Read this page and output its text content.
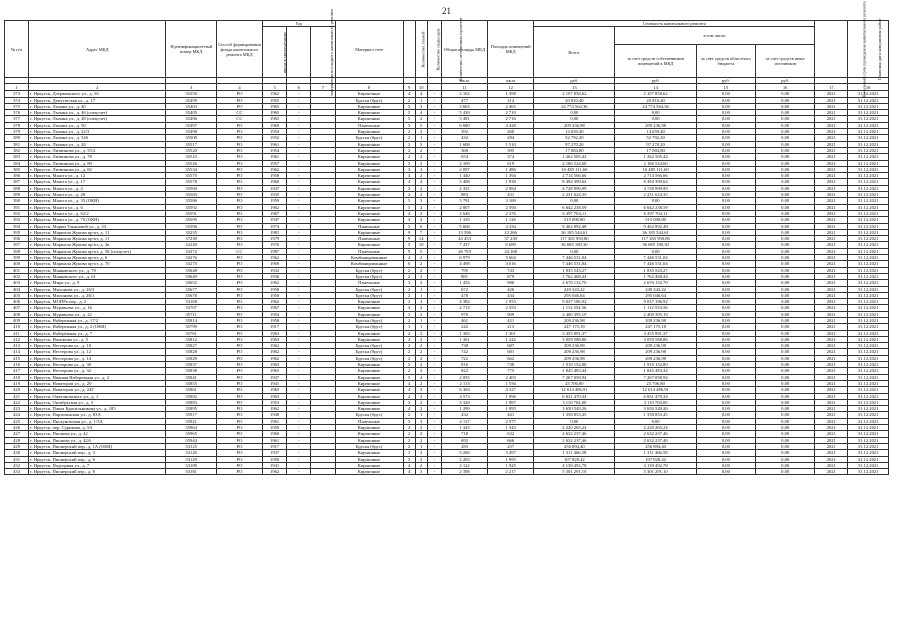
21
№ п/п	Адрес МКД	Идентификацион-ный номер МКД	Способ формирования фонда капитального ремонта МКД	Год			Материал стен	Количество этажей	Количество подъездов	Количество лестничных пролетов	Общая площадь МКД	Площадь помещений МКД	Стоимость капитального ремонта				Начальный срок проведения капитального ремонта	Плановая дата завершения работ
				ввода в эксплуатацию	завершения последнего капитального ремонта								Всего:	в том числе:				
														за счет средств собственников помещений в МКД	за счет средств областного бюджета	за счет средств иных источников		
											кв.м	кв.м	руб.	руб.	руб.	руб.		
1	2	3	4	5	6	7	8	9	10		11	12	13	14	15	16	17	18
373	г. Иркутск, Дзержинского ул., д. 56	35350	РО	1962	-		Кирпичные	4	4	-	2 102	1 398	2 107 858,62	2 107 858,62	0,00	0,00	2021	31.12.2021
374	г. Иркутск, Депутатская ул., д. 17	35459	РО	1955	-		Брусья (брус)	2	1	-	477	314	20 810,40	20 810,40	0,00	0,00	2021	31.12.2021
375	г. Иркутск, Лызина ул., д. 40	35403	РО	1965	-		Кирпичные	5	3	-	3 663	2 465	24 774 564,36	24 774 564,36	0,00	0,00	2021	31.12.2021
376	г. Иркутск, Лызина ул., д. 46 (спецсчет)	35405	СС	1965	-		Кирпичные	5	4	-	5 439	2 710	0,00	0,00	0,00	0,00	2021	31.12.2021
377	г. Иркутск, Лызина ул., д. 48 (спецсчет)	35496	СС	1965	-		Кирпичные	5	2	-	5 481	2 716	0,00	0,00	0,00	0,00	2021	31.12.2021
378	г. Иркутск, Лызина ул., д. 50	35497	РО	1969	-		Панельные	5	5	-	6 680	4 428	209 236,98	209 236,98	0,00	0,00	2021	31.12.2021
379	г. Иркутск, Лызина ул., д. 22/3	35498	РО	1954	-		Кирпичные	2	2	-	392	260	14 659,40	14 659,40	0,00	0,00	2021	31.12.2021
380	г. Иркутск, Лызина ул., д. 54б	35500	РО	1952	-		Брусья (брус)	2	1	-	432	284	52 792,20	52 792,20	0,00	0,00	2021	31.12.2021
381	г. Иркутск, Лызина ул., д. 20	35517	РО	1961	-		Кирпичные	3	3	-	1 608	1 510	97 270,20	97 270,20	0,00	0,00	2021	31.12.2021
382	г. Иркутск, Литвинова ул., д. 55/2	35520	РО	1954	-		Кирпичные	2	2	-	368	395	17 084,80	17 084,80	0,00	0,00	2021	31.12.2021
383	г. Иркутск, Литвинова ул., д. 78	35523	РО	1961	-		Кирпичные	2	2	-	654	374	1 262 505,42	1 262 505,42	0,00	0,00	2021	31.12.2021
384	г. Иркутск, Литвинова ул., д. 80	35526	РО	1957	-		Кирпичные	3	2	-	2 109	619	2 166 524,60	2 166 524,60	0,00	0,00	2021	31.12.2021
385	г. Иркутск, Литвинова ул., д. 82	35534	РО	1962	-		Кирпичные	3	3	-	2 097	1 486	16 485 111,60	16 485 111,60	0,00	0,00	2021	31.12.2021
386	г. Иркутск, Маяста ул., д. 12	35575	РО	1958	-		Кирпичные	4	2	-	1 440	1 394	2 714 566,66	2 714 566,66	0,00	0,00	2021	31.12.2021
387	г. Иркутск, Маяста ул., д. 17	35578	РО	1960	-		Кирпичные	4	4	-	3 408	1 838	8 494 399,64	8 494 399,64	0,00	0,00	2021	31.12.2021
388	г. Иркутск, Маяста ул., д. 2	35569	РО	1947	-		Кирпичные	3	2	-	2 331	2 084	4 728 999,99	4 728 999,99	0,00	0,00	2021	31.12.2021
389	г. Иркутск, Маяста ул., д. 28	35583	РО	1935	-		Кирпичные	2	2	-	883	431	2 231 624,35	2 231 624,35	0,00	0,00	2021	31.12.2021
390	г. Иркутск, Маяста ул., д. 35 (ОКН)	35586	РО	1959	-		Кирпичные	5	3	-	5 791	3 169	0,00	0,00	0,00	0,00	2021	31.12.2021
391	г. Иркутск, Маяста ул., д. 6	35592	РО	1962	-		Кирпичные	5	2	-	2 807	2 594	6 642 238,59	6 642 238,59	0,00	0,00	2021	31.12.2021
392	г. Иркутск, Маяста ул., д. 62/2	35591	РО	1967	-		Кирпичные	4	2	-	2 646	2 376	6 397 704,11	6 397 704,11	0,00	0,00	2021	31.12.2021
393	г. Иркутск, Маяста ул., д. 70 (ОКН)	35595	РО	1947	-		Кирпичные	4	2	-	1 335	1 126	515 090,80	515 090,80	0,00	0,00	2021	31.12.2021
394	г. Иркутск, Марии Ульяновой ул., д. 23	35596	РО	1974	-		Панельные	5	6	-	5 668	4 334	9 462 892,48	9 462 892,48	0,00	0,00	2021	31.12.2021
395	г. Иркутск, Маршала Жукова пр-кт, д. 11	35235	РО	1981	-		Кирпичные	9	7	-	13 596	12 266	36 185 544,61	36 185 544,61	0,00	0,00	2021	31.12.2021
396	г. Иркутск, Маршала Жукова пр-кт, д. 11	37239	РО	1979	-		Панельные	9	14	-	43 453	37 239	117 365 950,80	117 365 950,80	0,00	0,00	2021	31.12.2021
397	г. Иркутск, Маршала Жукова пр-кт, д. 2в	32240	РО	1976	-		Кирпичные	5	10	-	7 437	6 689	36 685 180,30	36 685 180,30	0,00	0,00	2021	31.12.2021
398	г. Иркутск, Маршала Жукова пр-кт, д. 58 (спецсчет)	33272	СС	1987	-		Панельные	9	5	-	26 793	24 168	0,00	0,00	0,00	0,00	2021	31.12.2021
399	г. Иркутск, Маршала Жукова пр-кт, д. 6	33276	РО	1962	-		Комбинированные	4	2	-	6 979	5 664	7 446 531,04	7 446 531,04	0,00	0,00	2021	31.12.2021
400	г. Иркутск, Маршала Жукова пр-кт, д. 70	33275	РО	1969	-		Комбинированные	6	2	-	4 498	4 016	7 446 531,04	7 446 531,04	0,00	0,00	2021	31.12.2021
401	г. Иркутск, Маяковского ул., д. 79	35648	РО	1932	-		Брусья (брус)	2	2	-	795	743	1 835 543,27	1 835 543,27	0,00	0,00	2021	31.12.2021
402	г. Иркутск, Маяковского ул., д. 61	35649	РО	1936	-		Брусья (брус)	2	3	-	881	879	1 762 468,44	1 762 468,44	0,00	0,00	2021	31.12.2021
403	г. Иркутск, Мира ул., д. 9	35652	РО	1962	-		Панельные	3	2	-	1 454	980	2 676 132,70	2 676 132,70	0,00	0,00	2021	31.12.2021
404	г. Иркутск, Милонова ул., д. 26/3	35677	РО	1958	-		Брусья (брус)	2	1	-	672	426	249 343,22	249 343,22	0,00	0,00	2021	31.12.2021
405	г. Иркутск, Милонова ул., д. 26/1	35678	РО	1958	-		Брусья (брус)	2	1	-	478	434	295 046,64	295 046,64	0,00	0,00	2021	31.12.2021
406	г. Иркутск, МОПРа пер., д. 2	33168	РО	1962	-		Кирпичные	2	4	-	4 382	1 953	9 037 186,92	9 037 186,92	0,00	0,00	2021	31.12.2021
407	г. Иркутск, Муравьева ул., д. 16	33707	РО	1967	-		Кирпичные	4	2	-	2 713	2 553	1 112 554,56	1 112 554,56	0,00	0,00	2021	31.12.2021
408	г. Иркутск, Муравьева ул., д. 22	35711	РО	1954	-		Кирпичные	3	2	-	970	909	2 400 395,19	2 400 395,19	0,00	0,00	2021	31.12.2021
409	г. Иркутск, Набережная ул., д. 17/2	35814	РО	1958	-		Брусья (брус)	2	1	-	461	421	209 236,98	209 236,98	0,00	0,00	2021	31.12.2021
410	г. Иркутск, Набережная ул., д. 2 (ОКН)	35799	РО	1917	-		Брусья (брус)	1	1	-	242	213	247 175,18	247 175,18	0,00	0,00	2021	31.12.2021
411	г. Иркутск, Набережная ул., д. 7	35761	РО	1963	-		Кирпичные	4	2	-	1 365	1 361	3 455 991,37	3 455 991,37	0,00	0,00	2021	31.12.2021
412	г. Иркутск, Нахимова ул., д. 5	35812	РО	1963	-		Кирпичные	4	2	-	1 361	1 242	3 059 588,86	3 059 588,86	0,00	0,00	2021	31.12.2021
413	г. Иркутск, Нестерова ул., д. 10	35827	РО	1962	-		Брусья (брус)	2	2	-	738	687	209 236,98	209 236,98	0,00	0,00	2021	31.12.2021
414	г. Иркутск, Нестерова ул., д. 12	35828	РО	1962	-		Брусья (брус)	2	2	-	742	681	209 236,98	209 236,98	0,00	0,00	2021	31.12.2021
415	г. Иркутск, Нестерова ул., д. 14	35829	РО	1962	-		Брусья (брус)	2	2	-	722	662	209 236,98	209 236,98	0,00	0,00	2021	31.12.2021
416	г. Иркутск, Нестерова ул., д. 30	35837	РО	1963	-		Кирпичные	5	2	-	816	738	1 910 152,80	1 910 152,80	0,00	0,00	2021	31.12.2021
417	г. Иркутск, Нестерова ул., д. 32	35838	РО	1963	-		Кирпичные	2	2	-	822	775	1 845 483,44	1 845 483,44	0,00	0,00	2021	31.12.2021
418	г. Иркутск, Нижняя Набережная ул., д. 2	35841	РО	1937	-		Кирпичные	5	4	-	2 855	2 403	7 267 058,94	7 267 058,94	0,00	0,00	2021	31.12.2021
419	г. Иркутск, Новаторов ул., д. 20	35855	РО	1941	-		Кирпичные	4	2	-	2 113	1 556	25 706,80	25 706,80	0,00	0,00	2021	31.12.2021
420	г. Иркутск, Новаторов ул., д. 24Г	35861	РО	1965	-		Кирпичные	4	3	-	6 363	4 327	12 614 486,91	12 614 486,91	0,00	0,00	2021	31.12.2021
421	г. Иркутск, Ожегановского ул., д. 1	35882	РО	1963	-		Кирпичные	4	3	-	3 573	1 996	6 831 470,34	6 831 470,34	0,00	0,00	2021	31.12.2021
422	г. Иркутск, Октябрьская ул., д. 3	35883	РО	1953	-		Кирпичные	3	2	-	3 328	1 987	3 110 704,00	3 110 704,00	0,00	0,00	2021	31.12.2021
423	г. Иркутск, Павла Красильникова ул., д. 185	35895	РО	1962	-		Кирпичные	4	2	-	1 299	1 095	3 650 549,26	3 650 549,26	0,00	0,00	2021	31.12.2021
424	г. Иркутск, Партизанская ул., д. 83А	35917	РО	1948	-		Брусья (брус)	2	1	-	432	441	1 358 853,45	1 358 853,45	0,00	0,00	2021	31.12.2021
425	г. Иркутск, Пискуновская ул., д. 1/5А	35921	РО	1961	-		Панельные	5	3	-	4 137	2 577	0,00	0,00	0,00	0,00	2021	31.12.2021
426	г. Иркутск, пер. Сурикова, д. 5А	35964	РО	1959	-		Кирпичные	4	2	-	1 343	1 343	2 220 265,24	2 220 265,24	0,00	0,00	2021	31.12.2021
427	г. Иркутск, Пионова ул., д. 42	35965	РО	1960	-		Кирпичные	2	2	-	718	632	2 632 237,46	2 632 237,46	0,00	0,00	2021	31.12.2021
428	г. Иркутск, Пионова ул., д. 42А	35944	РО	1961	-		Кирпичные	2	2	-	692	666	2 632 237,46	2 632 237,46	0,00	0,00	2021	31.12.2021
429	г. Иркутск, Пионерский пер., д. 1А (ОКН)	33125	РО	1917	-		Брусья (брус)	2	1	-	283	257	256 894,40	256 894,40	0,00	0,00	2021	31.12.2021
430	г. Иркутск, Пионерский пер., д. 3	33126	РО	1937	-		Кирпичные	3	3	-	5 266	3 497	1 311 466,58	1 311 466,58	0,00	0,00	2021	31.12.2021
431	г. Иркутск, Пионерский пер., д. 6	33129	РО	1958	-		Кирпичные	3	2	-	2 203	1 995	107 828,42	107 828,42	0,00	0,00	2021	31.12.2021
432	г. Иркутск, Подгорная ул., д. 7	33189	РО	1941	-		Кирпичные	4	2	-	2 122	1 925	4 139 492,78	4 139 492,78	0,00	0,00	2021	31.12.2021
433	г. Иркутск, Пионерский пер., д. 8	33181	РО	1962	-		Кирпичные	4	3	-	2 398	2 217	5 301 291,10	5 301 291,10	0,00	0,00	2021	31.12.2021
